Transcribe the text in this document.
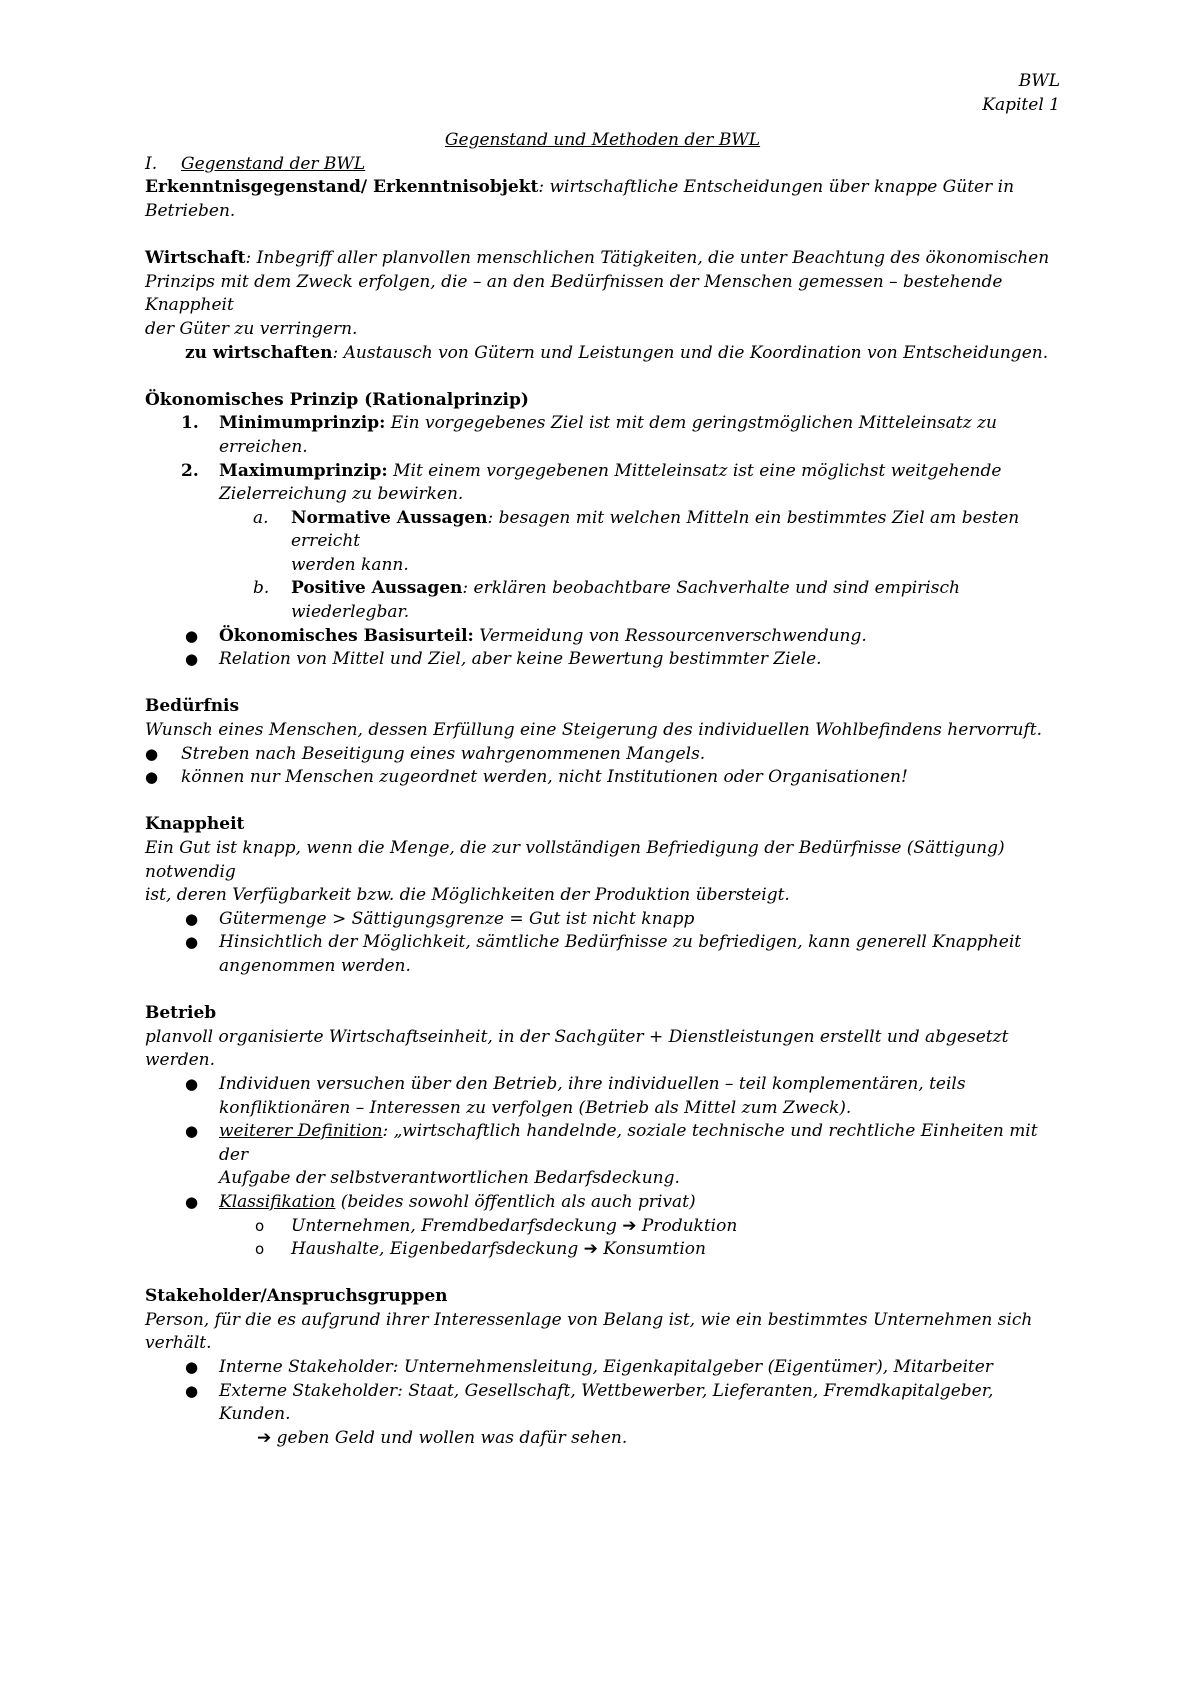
BWL
Kapitel 1
Gegenstand und Methoden der BWL
I. Gegenstand der BWL
Erkenntnisgegenstand/ Erkenntnisobjekt: wirtschaftliche Entscheidungen über knappe Güter in
Betrieben.
Wirtschaft: Inbegriff aller planvollen menschlichen Tätigkeiten, die unter Beachtung des ökonomischen
Prinzips mit dem Zweck erfolgen, die – an den Bedürfnissen der Menschen gemessen – bestehende Knappheit
der Güter zu verringern.
zu wirtschaften: Austausch von Gütern und Leistungen und die Koordination von Entscheidungen.
Ökonomisches Prinzip (Rationalprinzip)
1. Minimumprinzip: Ein vorgegebenes Ziel ist mit dem geringstmöglichen Mitteleinsatz zu erreichen.
2. Maximumprinzip: Mit einem vorgegebenen Mitteleinsatz ist eine möglichst weitgehende
Zielerreichung zu bewirken.
a. Normative Aussagen: besagen mit welchen Mitteln ein bestimmtes Ziel am besten erreicht
werden kann.
b. Positive Aussagen: erklären beobachtbare Sachverhalte und sind empirisch wiederlegbar.
● Ökonomisches Basisurteil: Vermeidung von Ressourcenverschwendung.
● Relation von Mittel und Ziel, aber keine Bewertung bestimmter Ziele.
Bedürfnis
Wunsch eines Menschen, dessen Erfüllung eine Steigerung des individuellen Wohlbefindens hervorruft.
● Streben nach Beseitigung eines wahrgenommenen Mangels.
● können nur Menschen zugeordnet werden, nicht Institutionen oder Organisationen!
Knappheit
Ein Gut ist knapp, wenn die Menge, die zur vollständigen Befriedigung der Bedürfnisse (Sättigung) notwendig
ist, deren Verfügbarkeit bzw. die Möglichkeiten der Produktion übersteigt.
● Gütermenge > Sättigungsgrenze = Gut ist nicht knapp
● Hinsichtlich der Möglichkeit, sämtliche Bedürfnisse zu befriedigen, kann generell Knappheit
angenommen werden.
Betrieb
planvoll organisierte Wirtschaftseinheit, in der Sachgüter + Dienstleistungen erstellt und abgesetzt werden.
● Individuen versuchen über den Betrieb, ihre individuellen – teil komplementären, teils
konfliktionären – Interessen zu verfolgen (Betrieb als Mittel zum Zweck).
● weiterer Definition: „wirtschaftlich handelnde, soziale technische und rechtliche Einheiten mit der
Aufgabe der selbstverantwortlichen Bedarfsdeckung.
● Klassifikation (beides sowohl öffentlich als auch privat)
o Unternehmen, Fremdbedarfsdeckung ➔ Produktion
o Haushalte, Eigenbedarfsdeckung ➔ Konsumtion
Stakeholder/Anspruchsgruppen
Person, für die es aufgrund ihrer Interessenlage von Belang ist, wie ein bestimmtes Unternehmen sich verhält.
● Interne Stakeholder: Unternehmensleitung, Eigenkapitalgeber (Eigentümer), Mitarbeiter
● Externe Stakeholder: Staat, Gesellschaft, Wettbewerber, Lieferanten, Fremdkapitalgeber, Kunden.
➔ geben Geld und wollen was dafür sehen.
